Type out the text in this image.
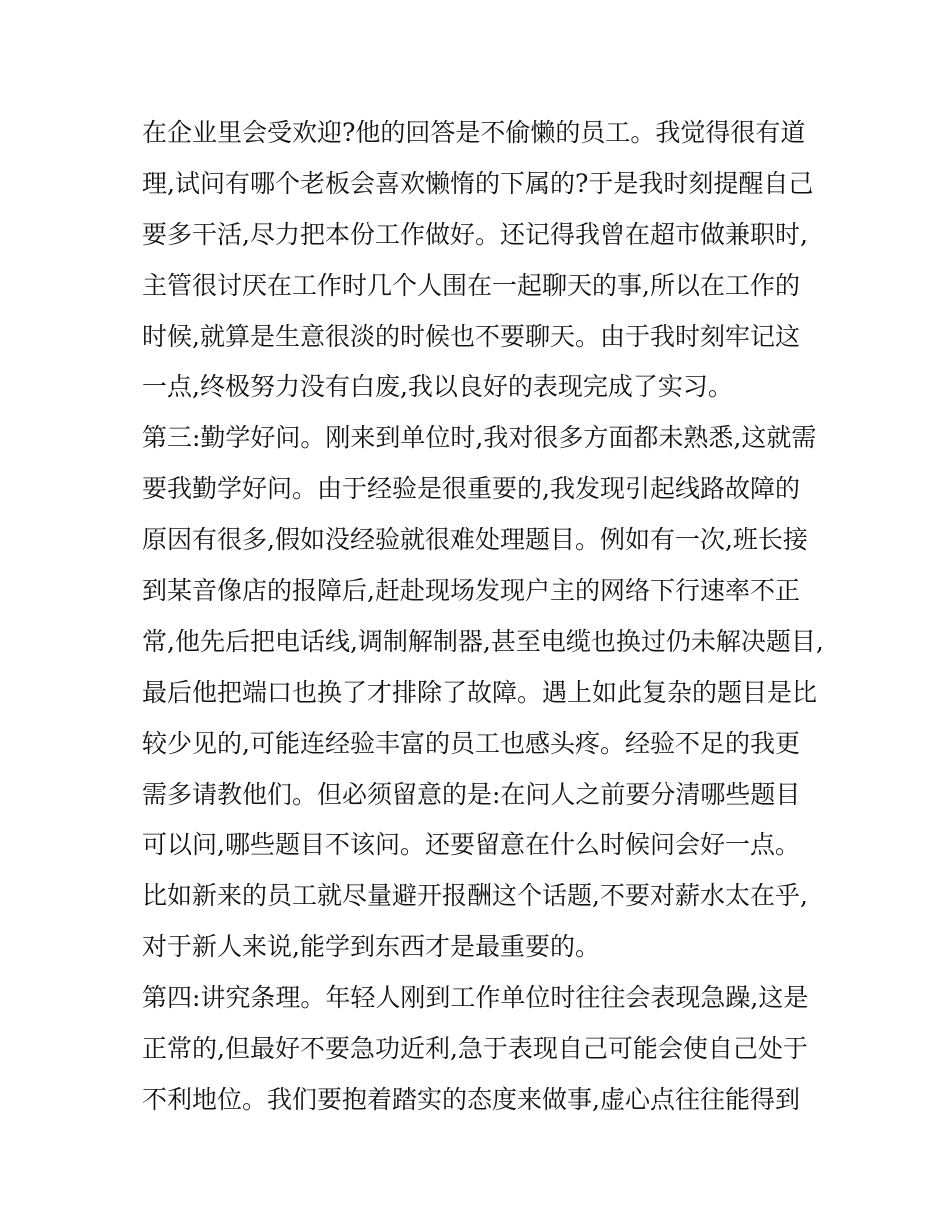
在企业里会受欢迎?他的回答是不偷懒的员工。我觉得很有道
理,试问有哪个老板会喜欢懒惰的下属的?于是我时刻提醒自己
要多干活,尽力把本份工作做好。还记得我曾在超市做兼职时,
主管很讨厌在工作时几个人围在一起聊天的事,所以在工作的
时候,就算是生意很淡的时候也不要聊天。由于我时刻牢记这
一点,终极努力没有白废,我以良好的表现完成了实习。
第三:勤学好问。刚来到单位时,我对很多方面都未熟悉,这就需
要我勤学好问。由于经验是很重要的,我发现引起线路故障的
原因有很多,假如没经验就很难处理题目。例如有一次,班长接
到某音像店的报障后,赶赴现场发现户主的网络下行速率不正
常,他先后把电话线,调制解制器,甚至电缆也换过仍未解决题目,
最后他把端口也换了才排除了故障。遇上如此复杂的题目是比
较少见的,可能连经验丰富的员工也感头疼。经验不足的我更
需多请教他们。但必须留意的是:在问人之前要分清哪些题目
可以问,哪些题目不该问。还要留意在什么时候问会好一点。
比如新来的员工就尽量避开报酬这个话题,不要对薪水太在乎,
对于新人来说,能学到东西才是最重要的。
第四:讲究条理。年轻人刚到工作单位时往往会表现急躁,这是
正常的,但最好不要急功近利,急于表现自己可能会使自己处于
不利地位。我们要抱着踏实的态度来做事,虚心点往往能得到
